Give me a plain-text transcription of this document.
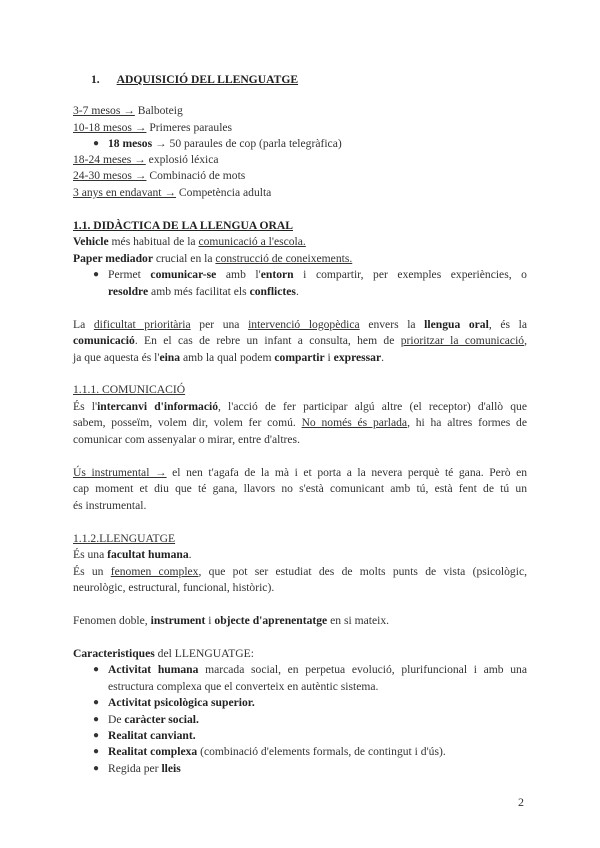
1. ADQUISICIÓ DEL LLENGUATGE
3-7 mesos → Balboteig
10-18 mesos → Primeres paraules
● 18 mesos → 50 paraules de cop (parla telegràfica)
18-24 meses → explosió léxica
24-30 mesos → Combinació de mots
3 anys en endavant → Competència adulta
1.1. DIDÀCTICA DE LA LLENGUA ORAL
Vehicle més habitual de la comunicació a l'escola.
Paper mediador crucial en la construcció de coneixements.
● Permet comunicar-se amb l'entorn i compartir, per exemples experiències, o
resoldre amb més facilitat els conflictes.
La dificultat prioritària per una intervenció logopèdica envers la llengua oral, és la
comunicació. En el cas de rebre un infant a consulta, hem de prioritzar la comunicació,
ja que aquesta és l'eina amb la qual podem compartir i expressar.
1.1.1. COMUNICACIÓ
És l'intercanvi d'informació, l'acció de fer participar algú altre (el receptor) d'allò que
sabem, posseïm, volem dir, volem fer comú. No només és parlada, hi ha altres formes de
comunicar com assenyalar o mirar, entre d'altres.
Ús instrumental → el nen t'agafa de la mà i et porta a la nevera perquè té gana. Però en
cap moment et diu que té gana, llavors no s'està comunicant amb tú, està fent de tú un
és instrumental.
1.1.2.LLENGUATGE
És una facultat humana.
És un fenomen complex, que pot ser estudiat des de molts punts de vista (psicològic,
neurològic, estructural, funcional, històric).
Fenomen doble, instrument i objecte d'aprenentatge en si mateix.
Caracteristiques del LLENGUATGE:
● Activitat humana marcada social, en perpetua evolució, plurifuncional i amb una
estructura complexa que el converteix en autèntic sistema.
● Activitat psicològica superior.
● De caràcter social.
● Realitat canviant.
● Realitat complexa (combinació d'elements formals, de contingut i d'ús).
● Regida per lleis
2
